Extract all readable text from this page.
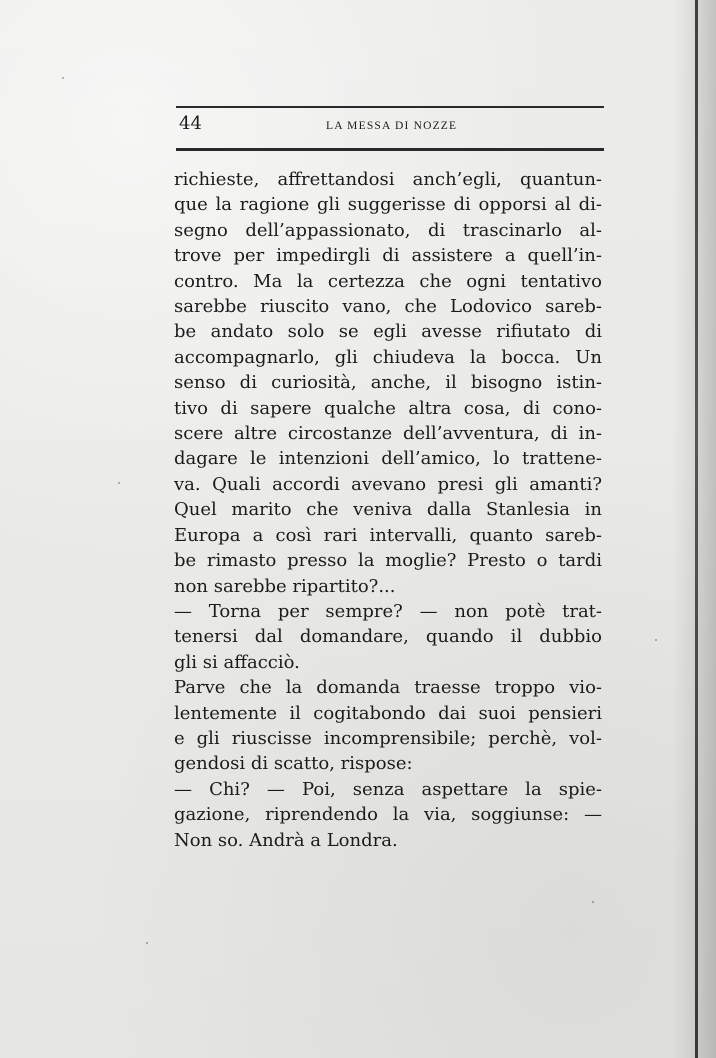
44	LA MESSA DI NOZZE
richieste, affrettandosi anch’egli, quantun-
que la ragione gli suggerisse di opporsi al di-
segno dell’appassionato, di trascinarlo al-
trove per impedirgli di assistere a quell’in-
contro. Ma la certezza che ogni tentativo
sarebbe riuscito vano, che Lodovico sareb-
be andato solo se egli avesse rifiutato di
accompagnarlo, gli chiudeva la bocca. Un
senso di curiosità, anche, il bisogno istin-
tivo di sapere qualche altra cosa, di cono-
scere altre circostanze dell’avventura, di in-
dagare le intenzioni dell’amico, lo trattene-
va. Quali accordi avevano presi gli amanti?
Quel marito che veniva dalla Stanlesia in
Europa a così rari intervalli, quanto sareb-
be rimasto presso la moglie? Presto o tardi
non sarebbe ripartito?...
— Torna per sempre? — non potè trat-
tenersi dal domandare, quando il dubbio
gli si affacciò.
Parve che la domanda traesse troppo vio-
lentemente il cogitabondo dai suoi pensieri
e gli riuscisse incomprensibile; perchè, vol-
gendosi di scatto, rispose:
— Chi? — Poi, senza aspettare la spie-
gazione, riprendendo la via, soggiunse: —
Non so. Andrà a Londra.
